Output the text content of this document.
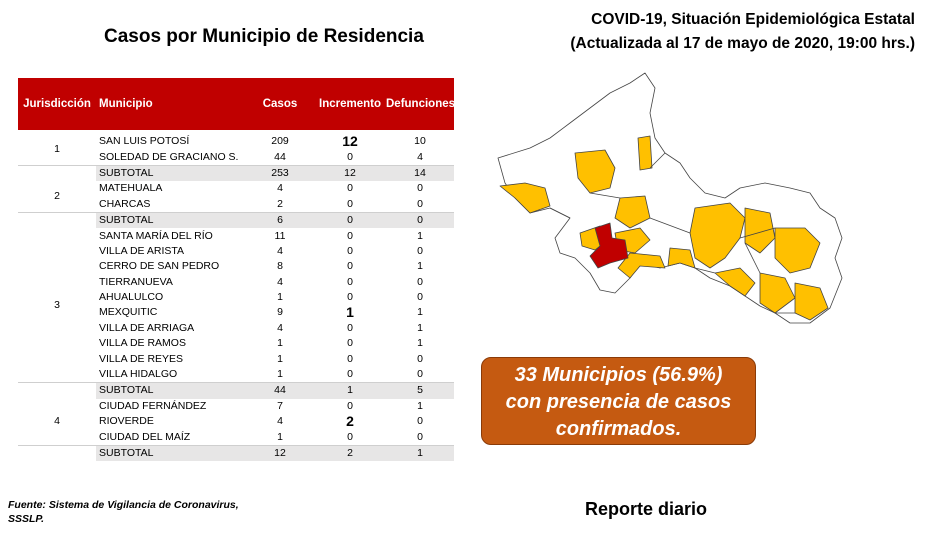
Casos por Municipio de Residencia
COVID-19, Situación Epidemiológica Estatal
(Actualizada al 17 de mayo de 2020, 19:00 hrs.)
Jurisdicción	Municipio	Casos	Incremento	Defunciones

1	SAN LUIS POTOSÍ	209	12	10
	SOLEDAD DE GRACIANO S.	44	0	4
	SUBTOTAL	253	12	14
2	MATEHUALA	4	0	0
	CHARCAS	2	0	0
	SUBTOTAL	6	0	0
3	SANTA MARÍA DEL RÍO	11	0	1
	VILLA DE ARISTA	4	0	0
	CERRO DE SAN PEDRO	8	0	1
	TIERRANUEVA	4	0	0
	AHUALULCO	1	0	0
	MEXQUITIC	9	1	1
	VILLA DE ARRIAGA	4	0	1
	VILLA DE RAMOS	1	0	1
	VILLA DE REYES	1	0	0
	VILLA HIDALGO	1	0	0
	SUBTOTAL	44	1	5
4	CIUDAD FERNÁNDEZ	7	0	1
	RIOVERDE	4	2	0
	CIUDAD DEL MAÍZ	1	0	0
	SUBTOTAL	12	2	1
33 Municipios (56.9%)
con presencia de casos
confirmados.
Fuente: Sistema de Vigilancia de Coronavirus,
SSSLP.	Reporte diario
